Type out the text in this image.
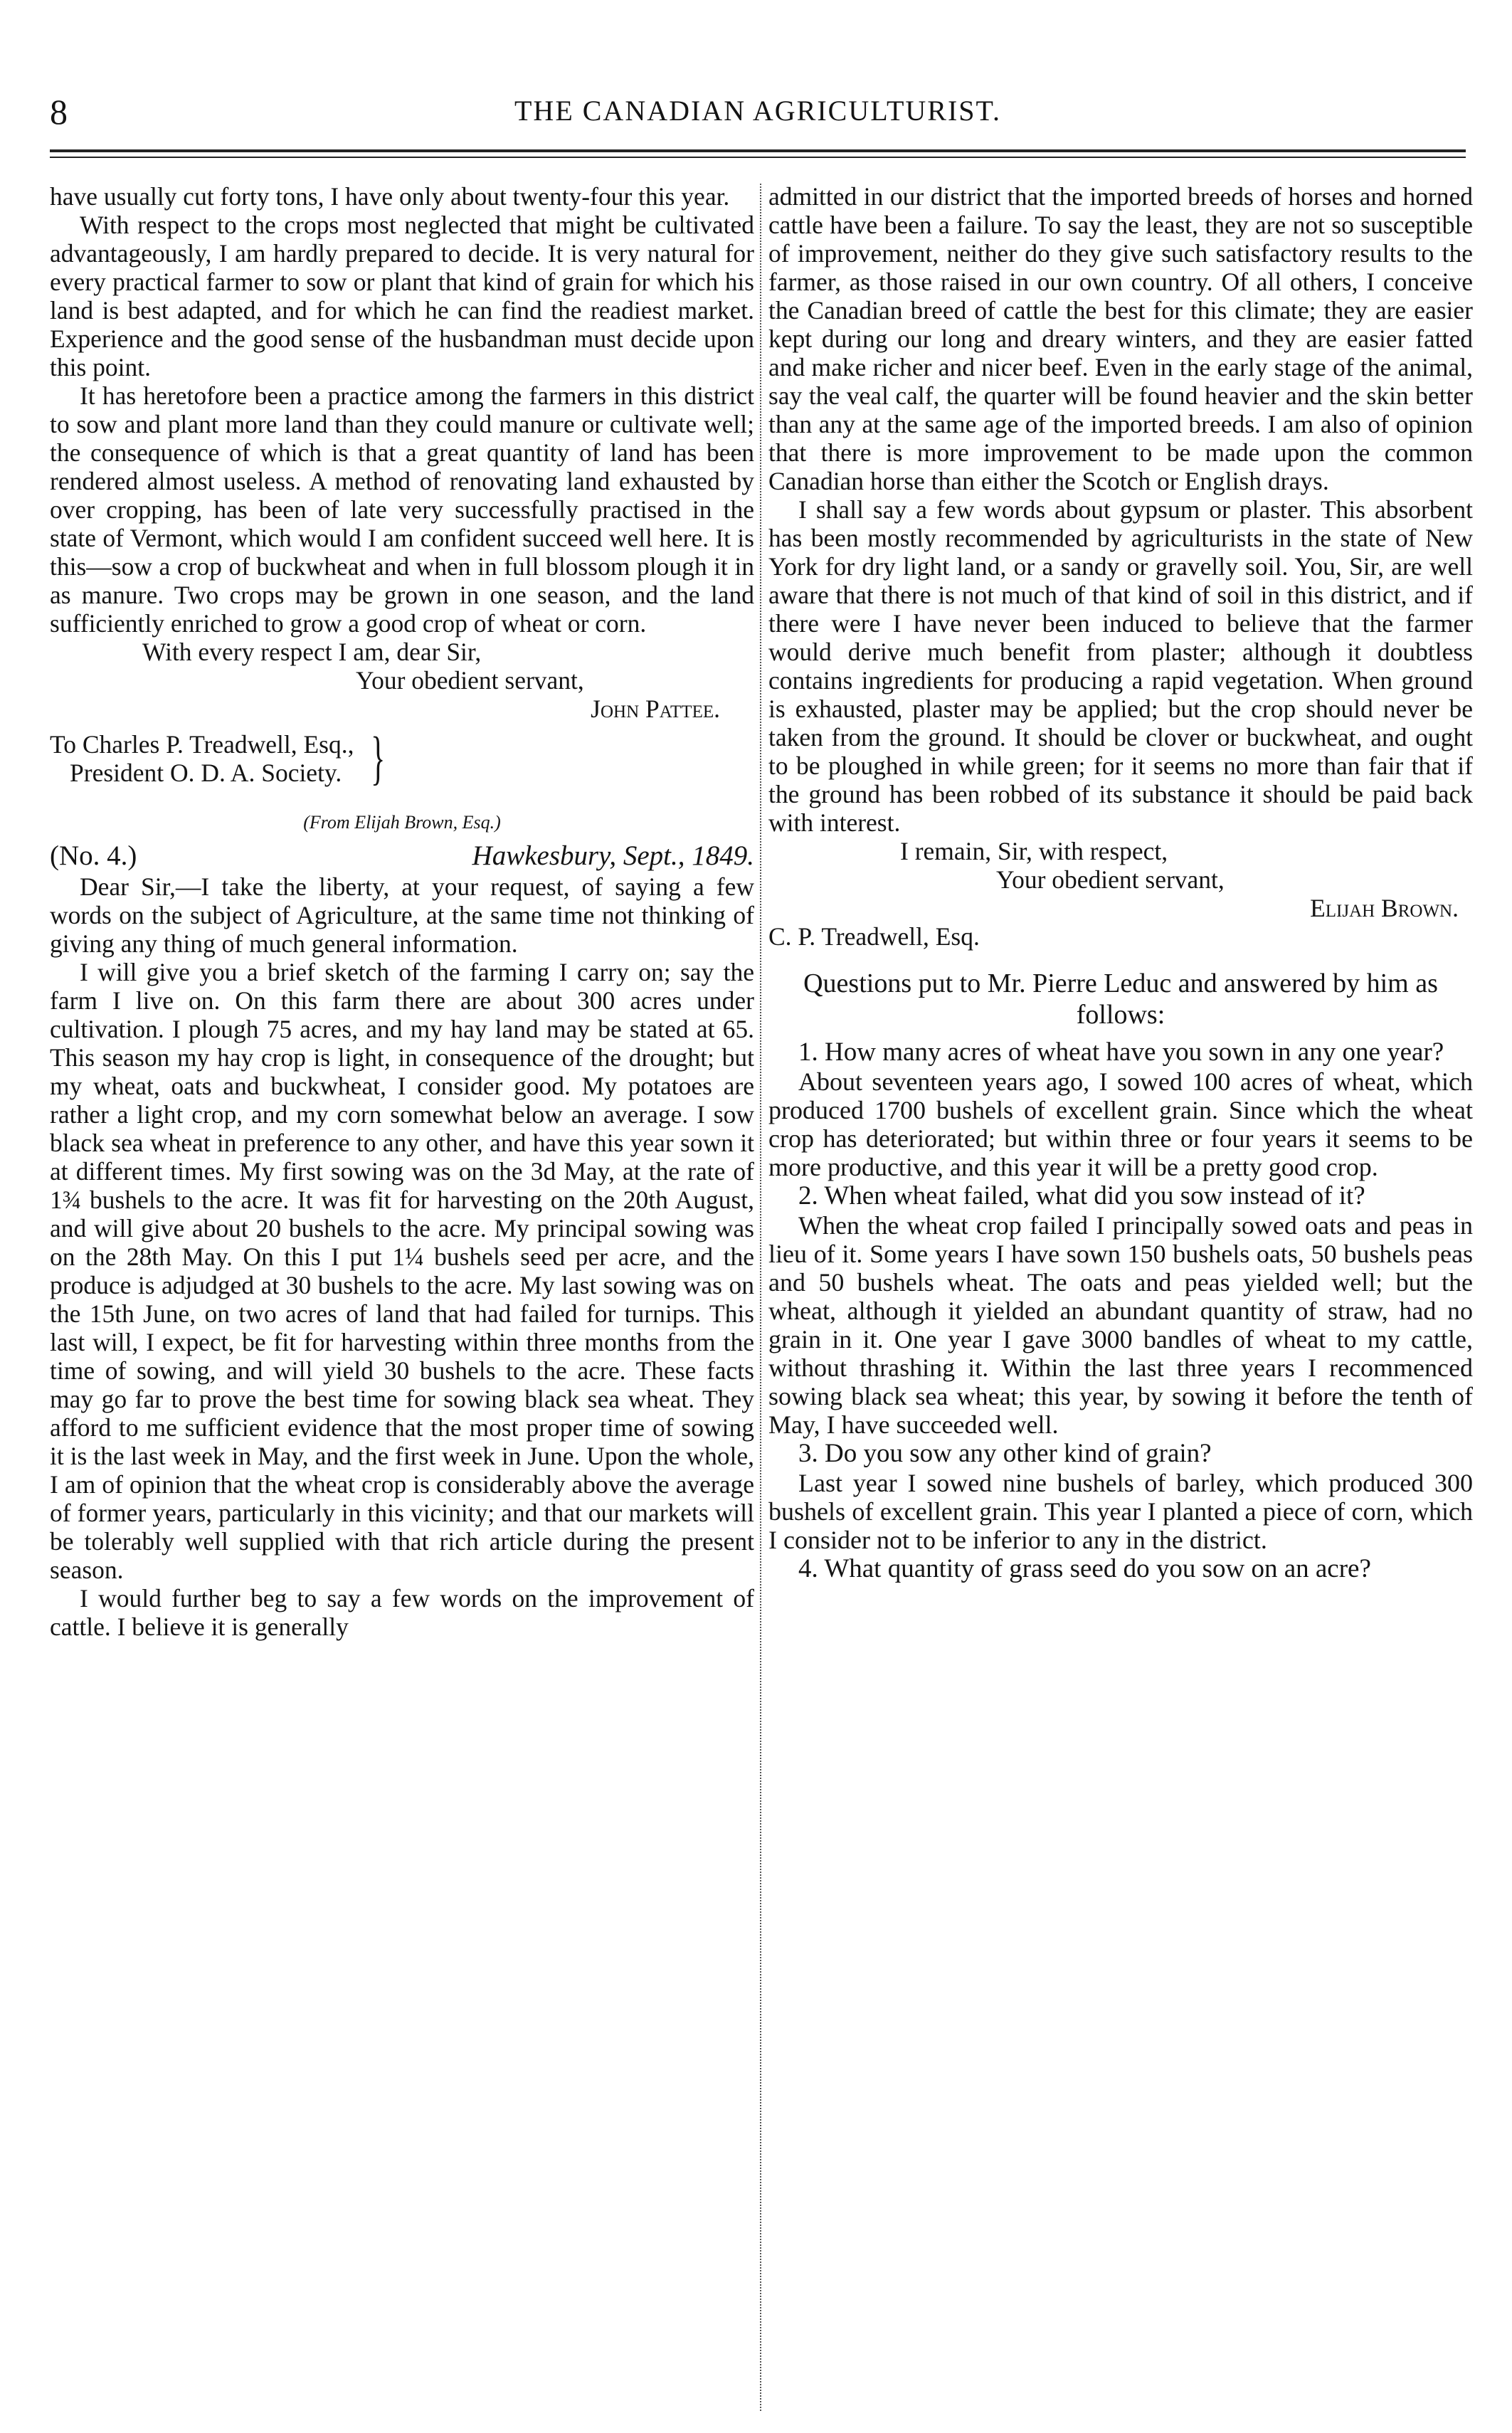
8	THE CANADIAN AGRICULTURIST.

have usually cut forty tons, I have only about twenty-four this year.

With respect to the crops most neglected that might be cultivated advantageously, I am hardly prepared to decide. It is very natural for every practical farmer to sow or plant that kind of grain for which his land is best adapted, and for which he can find the readiest market. Experience and the good sense of the husbandman must decide upon this point.

It has heretofore been a practice among the farmers in this district to sow and plant more land than they could manure or cultivate well; the consequence of which is that a great quantity of land has been rendered almost useless. A method of renovating land exhausted by over cropping, has been of late very successfully practised in the state of Vermont, which would I am confident succeed well here. It is this—sow a crop of buckwheat and when in full blossom plough it in as manure. Two crops may be grown in one season, and the land sufficiently enriched to grow a good crop of wheat or corn.

With every respect I am, dear Sir,

Your obedient servant,

John Pattee.

To Charles P. Treadwell, Esq.,
President O. D. A. Society. }

(From Elijah Brown, Esq.)

(No. 4.)	Hawkesbury, Sept., 1849.

Dear Sir,—I take the liberty, at your request, of saying a few words on the subject of Agriculture, at the same time not thinking of giving any thing of much general information.

I will give you a brief sketch of the farming I carry on; say the farm I live on. On this farm there are about 300 acres under cultivation. I plough 75 acres, and my hay land may be stated at 65. This season my hay crop is light, in consequence of the drought; but my wheat, oats and buckwheat, I consider good. My potatoes are rather a light crop, and my corn somewhat below an average. I sow black sea wheat in preference to any other, and have this year sown it at different times. My first sowing was on the 3d May, at the rate of 1¾ bushels to the acre. It was fit for harvesting on the 20th August, and will give about 20 bushels to the acre. My principal sowing was on the 28th May. On this I put 1¼ bushels seed per acre, and the produce is adjudged at 30 bushels to the acre. My last sowing was on the 15th June, on two acres of land that had failed for turnips. This last will, I expect, be fit for harvesting within three months from the time of sowing, and will yield 30 bushels to the acre. These facts may go far to prove the best time for sowing black sea wheat. They afford to me sufficient evidence that the most proper time of sowing it is the last week in May, and the first week in June. Upon the whole, I am of opinion that the wheat crop is considerably above the average of former years, particularly in this vicinity; and that our markets will be tolerably well supplied with that rich article during the present season.

I would further beg to say a few words on the improvement of cattle. I believe it is generally

admitted in our district that the imported breeds of horses and horned cattle have been a failure. To say the least, they are not so susceptible of improvement, neither do they give such satisfactory results to the farmer, as those raised in our own country. Of all others, I conceive the Canadian breed of cattle the best for this climate; they are easier kept during our long and dreary winters, and they are easier fatted and make richer and nicer beef. Even in the early stage of the animal, say the veal calf, the quarter will be found heavier and the skin better than any at the same age of the imported breeds. I am also of opinion that there is more improvement to be made upon the common Canadian horse than either the Scotch or English drays.

I shall say a few words about gypsum or plaster. This absorbent has been mostly recommended by agriculturists in the state of New York for dry light land, or a sandy or gravelly soil. You, Sir, are well aware that there is not much of that kind of soil in this district, and if there were I have never been induced to believe that the farmer would derive much benefit from plaster; although it doubtless contains ingredients for producing a rapid vegetation. When ground is exhausted, plaster may be applied; but the crop should never be taken from the ground. It should be clover or buckwheat, and ought to be ploughed in while green; for it seems no more than fair that if the ground has been robbed of its substance it should be paid back with interest.

I remain, Sir, with respect,

Your obedient servant,

Elijah Brown.

C. P. Treadwell, Esq.

Questions put to Mr. Pierre Leduc and answered by him as follows:

1. How many acres of wheat have you sown in any one year?

About seventeen years ago, I sowed 100 acres of wheat, which produced 1700 bushels of excellent grain. Since which the wheat crop has deteriorated; but within three or four years it seems to be more productive, and this year it will be a pretty good crop.

2. When wheat failed, what did you sow instead of it?

When the wheat crop failed I principally sowed oats and peas in lieu of it. Some years I have sown 150 bushels oats, 50 bushels peas and 50 bushels wheat. The oats and peas yielded well; but the wheat, although it yielded an abundant quantity of straw, had no grain in it. One year I gave 3000 bandles of wheat to my cattle, without thrashing it. Within the last three years I recommenced sowing black sea wheat; this year, by sowing it before the tenth of May, I have succeeded well.

3. Do you sow any other kind of grain?

Last year I sowed nine bushels of barley, which produced 300 bushels of excellent grain. This year I planted a piece of corn, which I consider not to be inferior to any in the district.

4. What quantity of grass seed do you sow on an acre?
